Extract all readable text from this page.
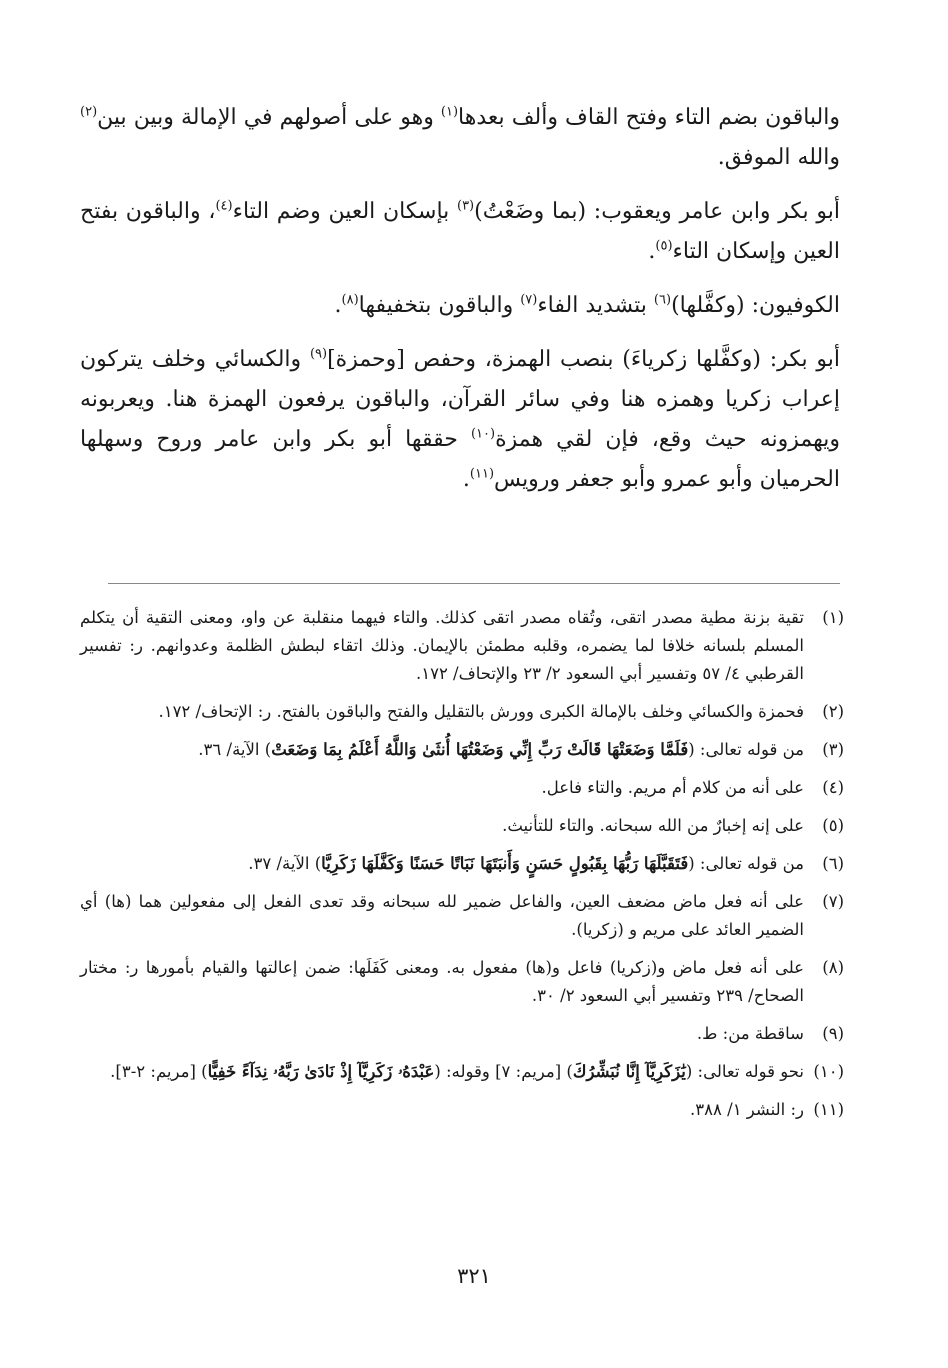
والباقون بضم التاء وفتح القاف وألف بعدها$^{(١)}$ وهو على أصولهم في الإمالة وبين بين$^{(٢)}$ والله الموفق.

أبو بكر وابن عامر ويعقوب: (بما وضَعْتُ)$^{(٣)}$ بإسكان العين وضم التاء$^{(٤)}$، والباقون بفتح العين وإسكان التاء$^{(٥)}$.

الكوفيون: (وكفَّلها)$^{(٦)}$ بتشديد الفاء$^{(٧)}$ والباقون بتخفيفها$^{(٨)}$.

أبو بكر: (وكفَّلها زكرياءَ) بنصب الهمزة، وحفص [وحمزة]$^{(٩)}$ والكسائي وخلف يتركون إعراب زكريا وهمزه هنا وفي سائر القرآن، والباقون يرفعون الهمزة هنا. ويعربونه ويهمزونه حيث وقع، فإن لقي همزة$^{(١٠)}$ حققها أبو بكر وابن عامر وروح وسهلها الحرميان وأبو عمرو وأبو جعفر ورويس$^{(١١)}$.

(١)
تقية بزنة مطية مصدر اتقى، وتُقاه مصدر اتقى كذلك. والتاء فيهما منقلبة عن واو، ومعنى التقية أن يتكلم المسلم بلسانه خلافا لما يضمره، وقلبه مطمئن بالإيمان. وذلك اتقاء لبطش الظلمة وعدوانهم. ر: تفسير القرطبي ٤/ ٥٧ وتفسير أبي السعود ٢/ ٢٣ والإتحاف/ ١٧٢.
(٢)
فحمزة والكسائي وخلف بالإمالة الكبرى وورش بالتقليل والفتح والباقون بالفتح. ر: الإتحاف/ ١٧٢.
(٣)
من قوله تعالى: (فَلَمَّا وَضَعَتْهَا قَالَتْ رَبِّ إِنِّي وَضَعْتُهَا أُنثَىٰ وَاللَّهُ أَعْلَمُ بِمَا وَضَعَتْ) الآية/ ٣٦.
(٤)
على أنه من كلام أم مريم. والتاء فاعل.
(٥)
على إنه إخبارٌ من الله سبحانه. والتاء للتأنيث.
(٦)
من قوله تعالى: (فَتَقَبَّلَهَا رَبُّهَا بِقَبُولٍ حَسَنٍ وَأَنبَتَهَا نَبَاتًا حَسَنًا وَكَفَّلَهَا زَكَرِيَّا) الآية/ ٣٧.
(٧)
على أنه فعل ماض مضعف العين، والفاعل ضمير لله سبحانه وقد تعدى الفعل إلى مفعولين هما (ها) أي الضمير العائد على مريم و (زكريا).
(٨)
على أنه فعل ماض و(زكريا) فاعل و(ها) مفعول به. ومعنى كَفَلَها: ضمن إعالتها والقيام بأمورها ر: مختار الصحاح/ ٢٣٩ وتفسير أبي السعود ٢/ ٣٠.
(٩)
ساقطة من: ط.
(١٠)
نحو قوله تعالى: (يَٰزَكَرِيَّآ إِنَّا نُبَشِّرُكَ) [مريم: ٧] وقوله: (عَبْدَهُۥ زَكَرِيَّآ إِذْ نَادَىٰ رَبَّهُۥ نِدَآءً خَفِيًّا) [مريم: ٢-٣].
(١١)
ر: النشر ١/ ٣٨٨.
٣٢١
